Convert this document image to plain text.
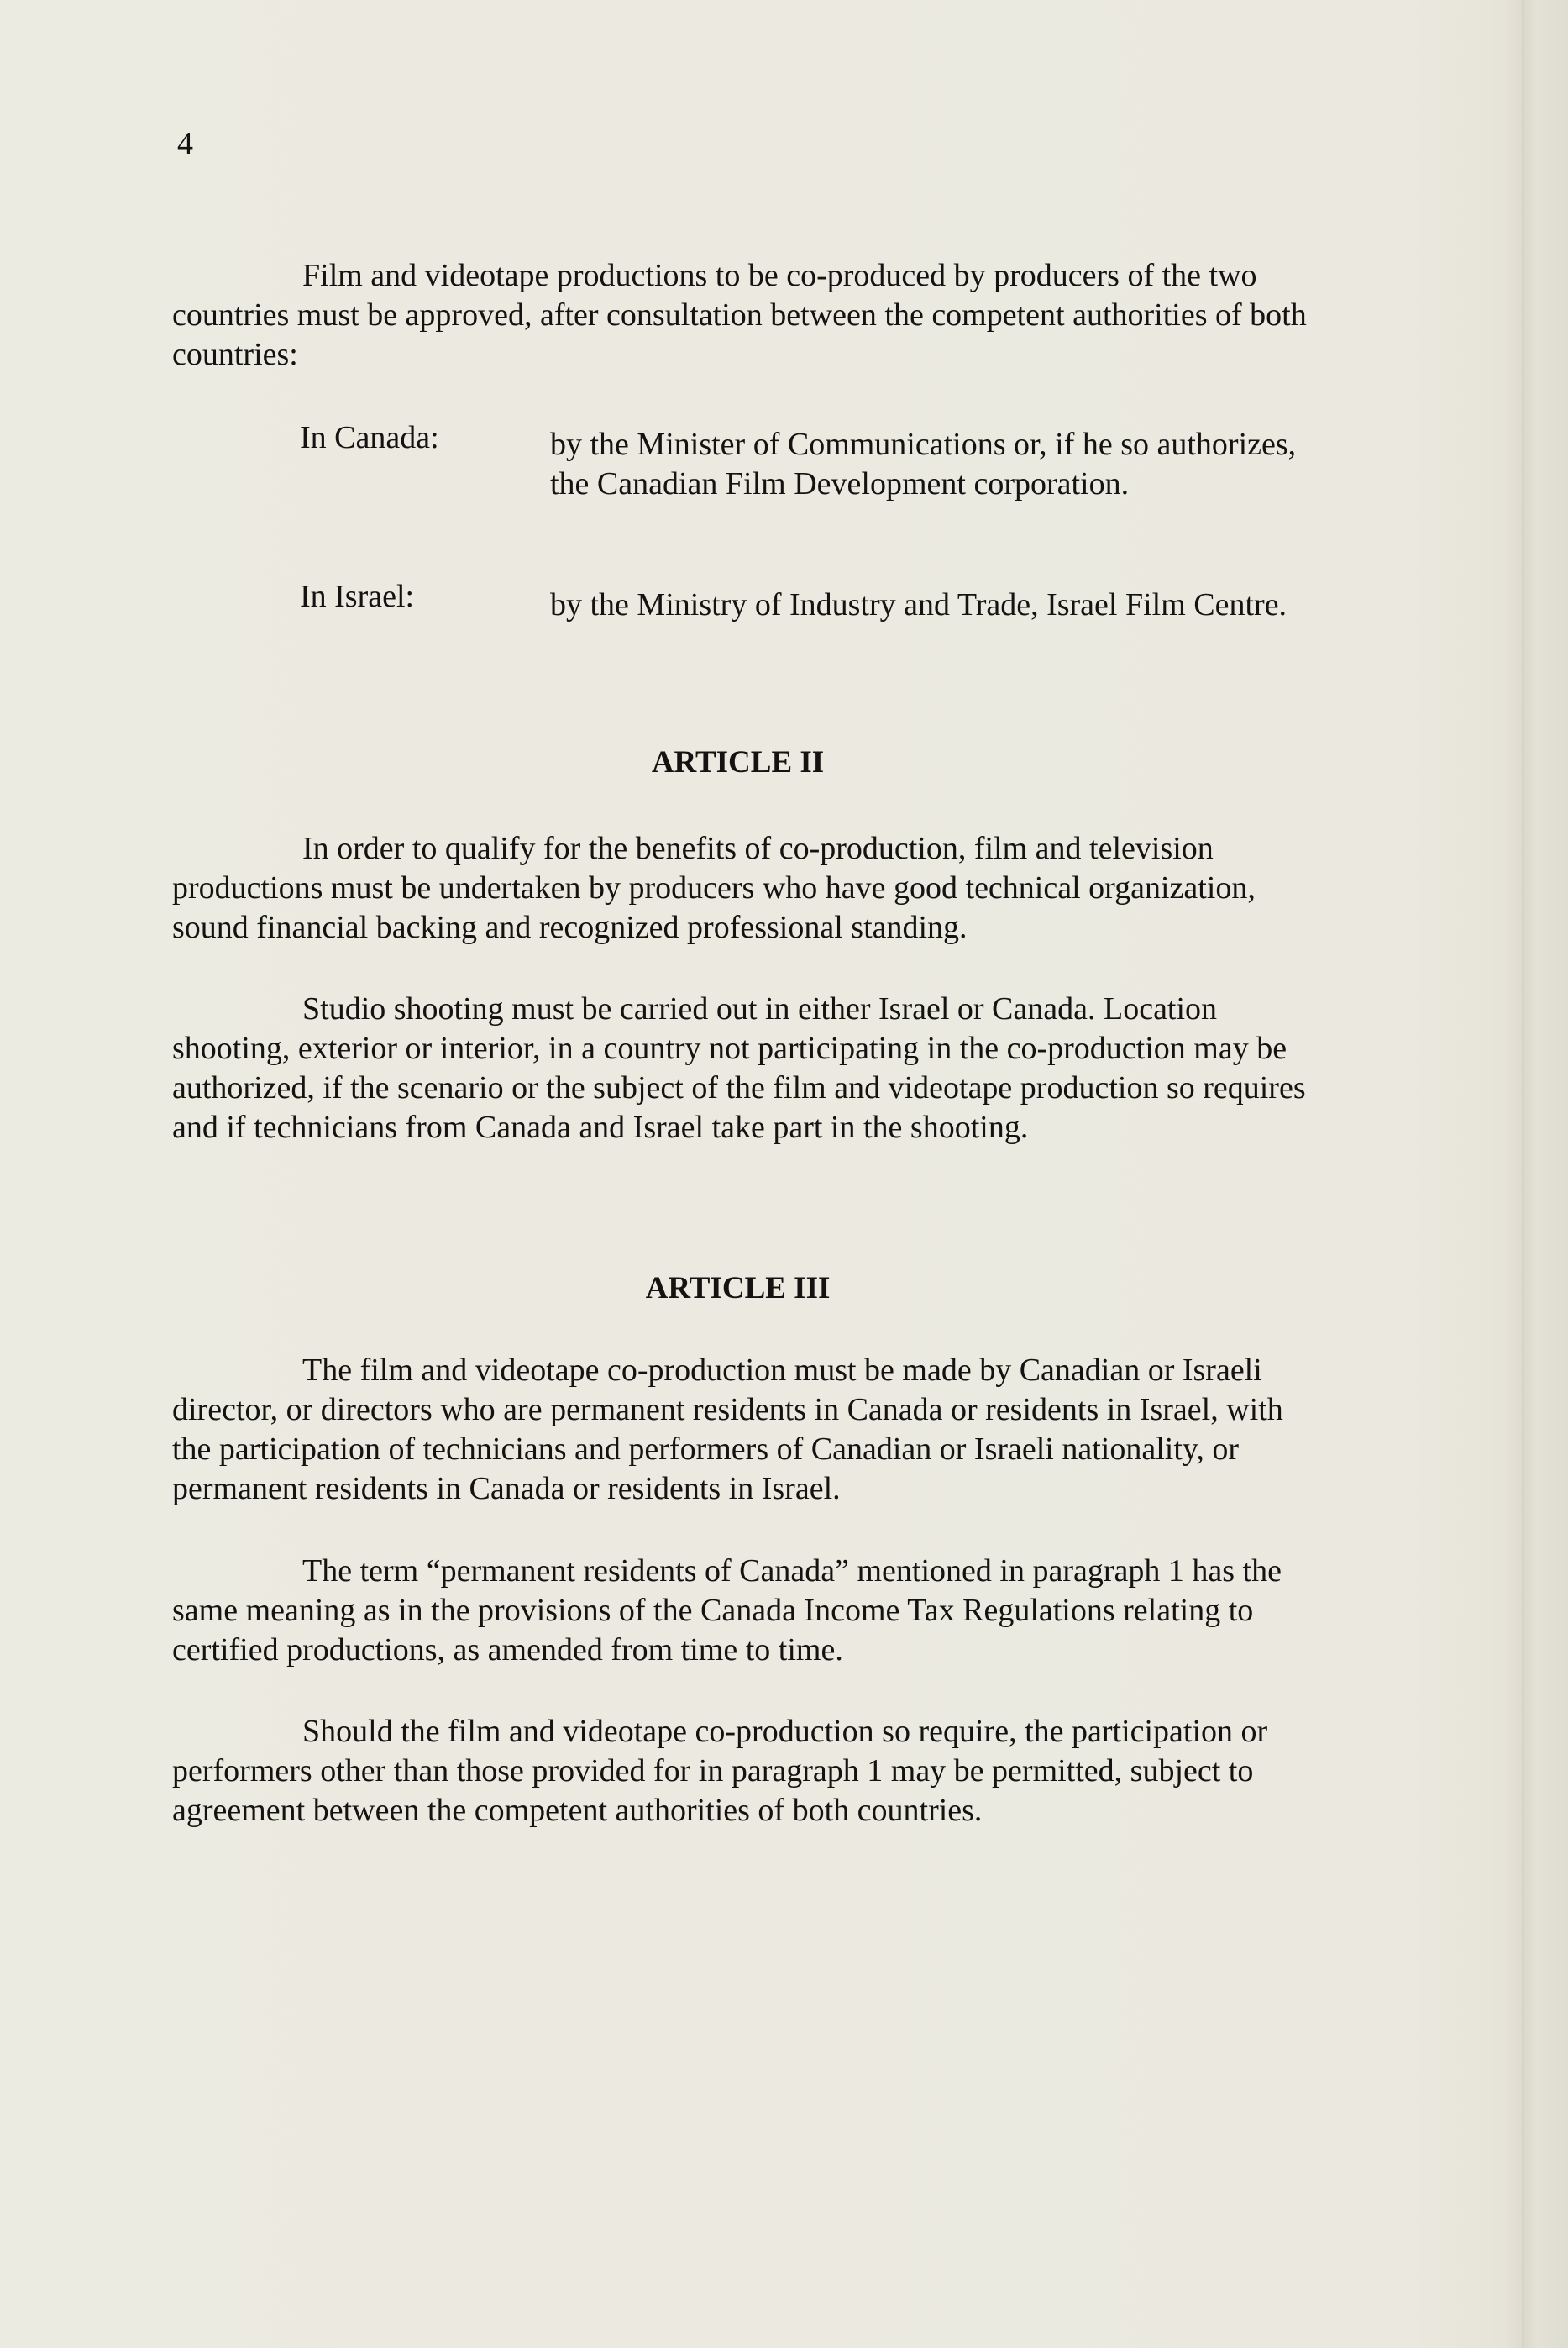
4

Film and videotape productions to be co-produced by producers of the two countries must be approved, after consultation between the competent authorities of both countries:

In Canada:	by the Minister of Communications or, if he so authorizes, the Canadian Film Development corporation.

In Israel:	by the Ministry of Industry and Trade, Israel Film Centre.

ARTICLE II

In order to qualify for the benefits of co-production, film and television productions must be undertaken by producers who have good technical organization, sound financial backing and recognized professional standing.

Studio shooting must be carried out in either Israel or Canada. Location shooting, exterior or interior, in a country not participating in the co-production may be authorized, if the scenario or the subject of the film and videotape production so requires and if technicians from Canada and Israel take part in the shooting.

ARTICLE III

The film and videotape co-production must be made by Canadian or Israeli director, or directors who are permanent residents in Canada or residents in Israel, with the participation of technicians and performers of Canadian or Israeli nationality, or permanent residents in Canada or residents in Israel.

The term “permanent residents of Canada” mentioned in paragraph 1 has the same meaning as in the provisions of the Canada Income Tax Regulations relating to certified productions, as amended from time to time.

Should the film and videotape co-production so require, the participation or performers other than those provided for in paragraph 1 may be permitted, subject to agreement between the competent authorities of both countries.
